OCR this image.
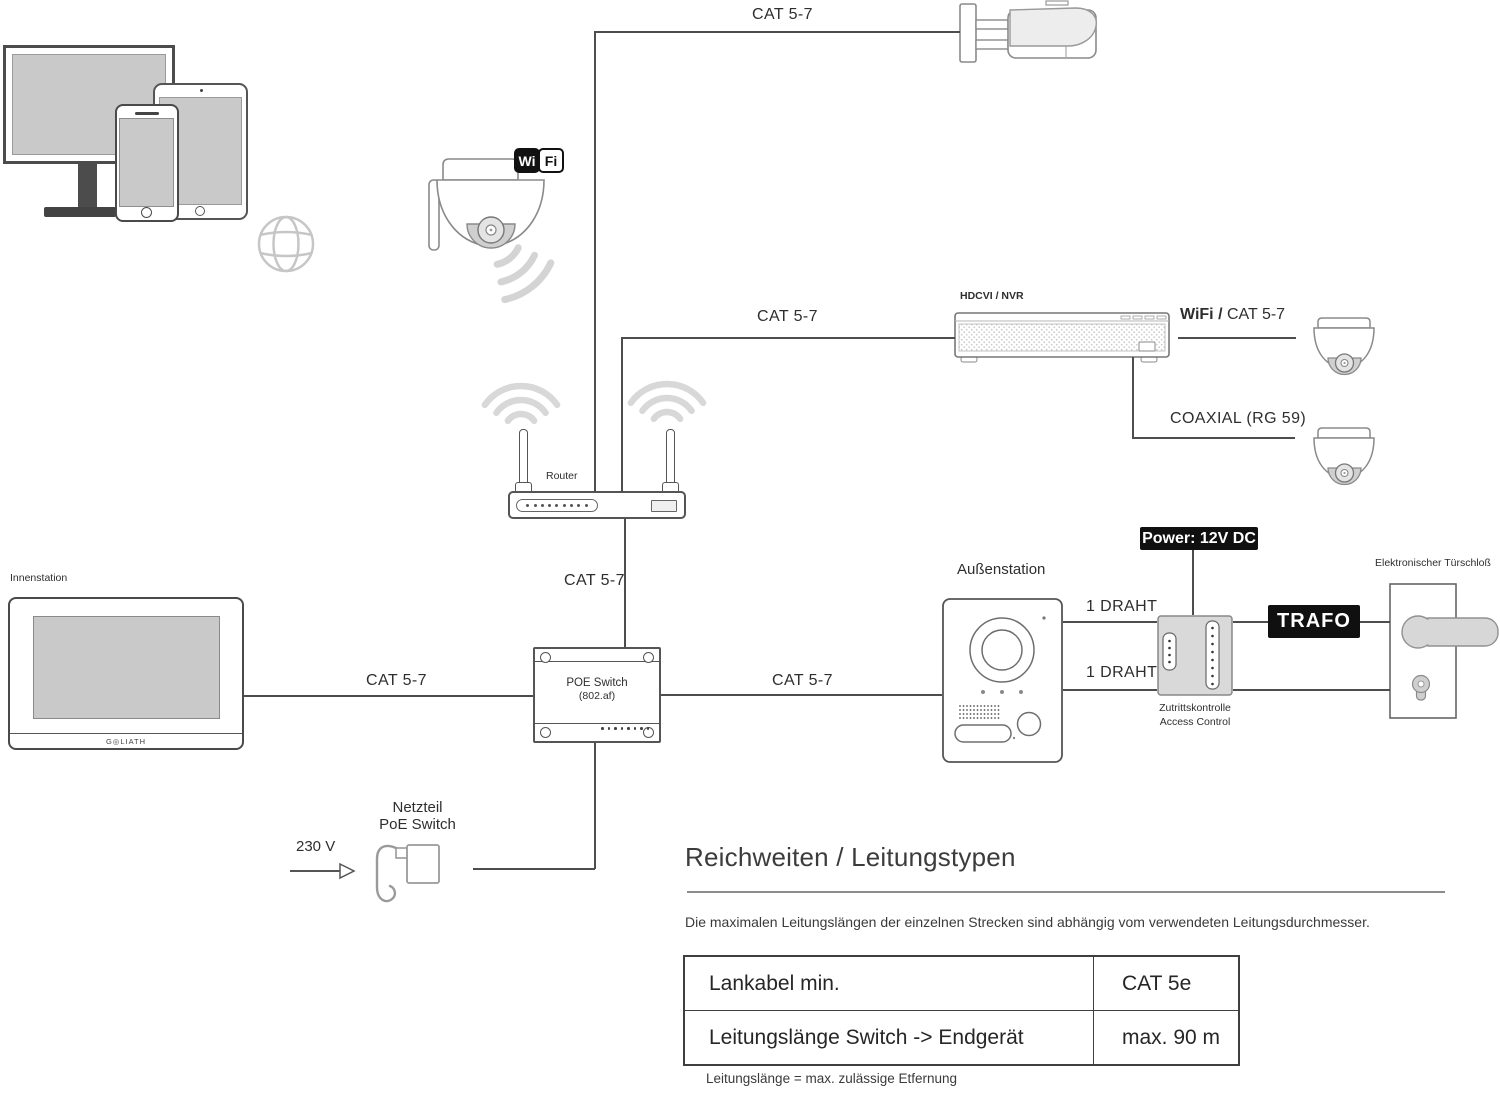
Wi Fi
Router
HDCVI / NVR
Innenstation
G◎LIATH
POE Switch
(802.af)
Netzteil
PoE Switch
230 V
Außenstation
Zutrittskontrolle
Access Control
Power: 12V DC
TRAFO
Elektronischer Türschloß
CAT 5-7
CAT 5-7
CAT 5-7
CAT 5-7	CAT 5-7
WiFi / CAT 5-7
COAXIAL (RG 59)
1 DRAHT
1 DRAHT
Reichweiten / Leitungstypen
Die maximalen Leitungslängen der einzelnen Strecken sind abhängig vom verwendeten Leitungsdurchmesser.
Lankabel min.	CAT 5e
Leitungslänge Switch -> Endgerät	max. 90 m
Leitungslänge = max. zulässige Etfernung
